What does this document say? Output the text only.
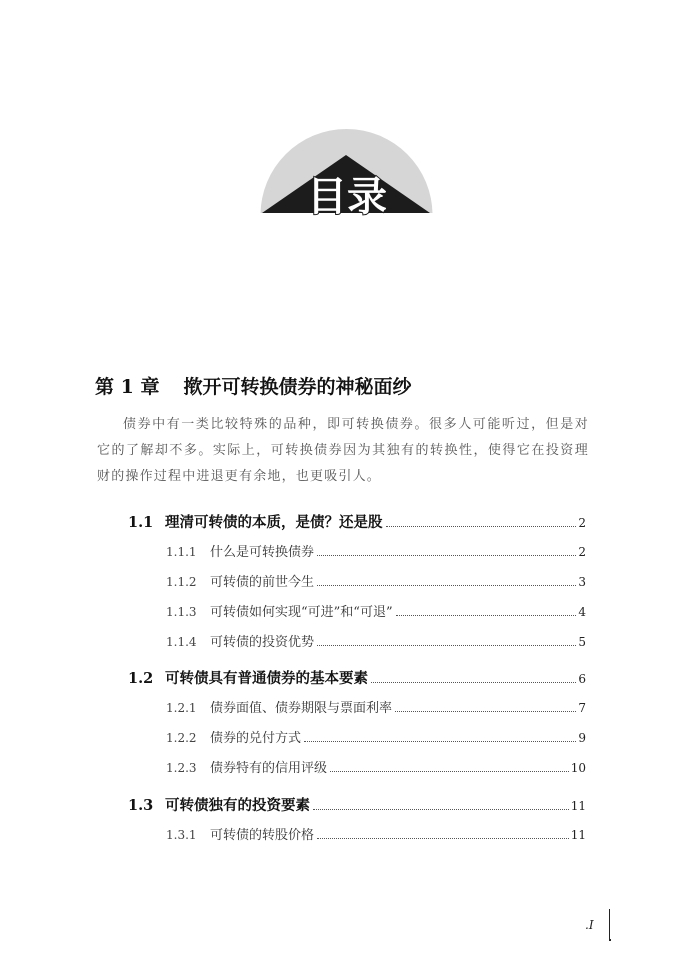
目录
第 1 章 揿开可转换债券的神秘面纱
债券中有一类比较特殊的品种，即可转换债券。很多人可能听过，但是对它的了解却不多。实际上，可转换债券因为其独有的转换性，使得它在投资理财的操作过程中进退更有余地，也更吸引人。
1.1 理清可转债的本质，是债？还是股	2
1.1.1	什么是可转换债券	2
1.1.2	可转债的前世今生	3
1.1.3	可转债如何实现“可进”和“可退”	4
1.1.4	可转债的投资优势	5
1.2 可转债具有普通债券的基本要素	6
1.2.1	债券面值、债券期限与票面利率	7
1.2.2	债券的兑付方式	9
1.2.3	债券特有的信用评级	10
1.3 可转债独有的投资要素	11
1.3.1	可转债的转股价格	11
.I
